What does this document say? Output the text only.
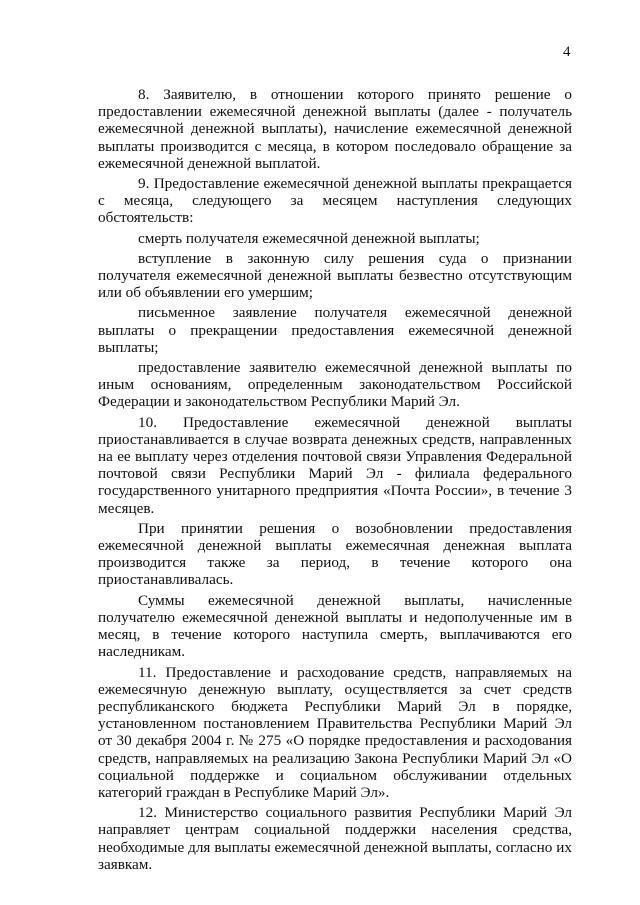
4

8. Заявителю, в отношении которого принято решение о предоставлении ежемесячной денежной выплаты (далее - получатель ежемесячной денежной выплаты), начисление ежемесячной денежной выплаты производится с месяца, в котором последовало обращение за ежемесячной денежной выплатой.

9. Предоставление ежемесячной денежной выплаты прекращается с месяца, следующего за месяцем наступления следующих обстоятельств:

смерть получателя ежемесячной денежной выплаты;

вступление в законную силу решения суда о признании получателя ежемесячной денежной выплаты безвестно отсутствующим или об объявлении его умершим;

письменное заявление получателя ежемесячной денежной выплаты о прекращении предоставления ежемесячной денежной выплаты;

предоставление заявителю ежемесячной денежной выплаты по иным основаниям, определенным законодательством Российской Федерации и законодательством Республики Марий Эл.

10. Предоставление ежемесячной денежной выплаты приостанавливается в случае возврата денежных средств, направленных на ее выплату через отделения почтовой связи Управления Федеральной почтовой связи Республики Марий Эл - филиала федерального государственного унитарного предприятия «Почта России», в течение 3 месяцев.

При принятии решения о возобновлении предоставления ежемесячной денежной выплаты ежемесячная денежная выплата производится также за период, в течение которого она приостанавливалась.

Суммы ежемесячной денежной выплаты, начисленные получателю ежемесячной денежной выплаты и недополученные им в месяц, в течение которого наступила смерть, выплачиваются его наследникам.

11. Предоставление и расходование средств, направляемых на ежемесячную денежную выплату, осуществляется за счет средств республиканского бюджета Республики Марий Эл в порядке, установленном постановлением Правительства Республики Марий Эл от 30 декабря 2004 г. № 275 «О порядке предоставления и расходования средств, направляемых на реализацию Закона Республики Марий Эл «О социальной поддержке и социальном обслуживании отдельных категорий граждан в Республике Марий Эл».

12. Министерство социального развития Республики Марий Эл направляет центрам социальной поддержки населения средства, необходимые для выплаты ежемесячной денежной выплаты, согласно их заявкам.
